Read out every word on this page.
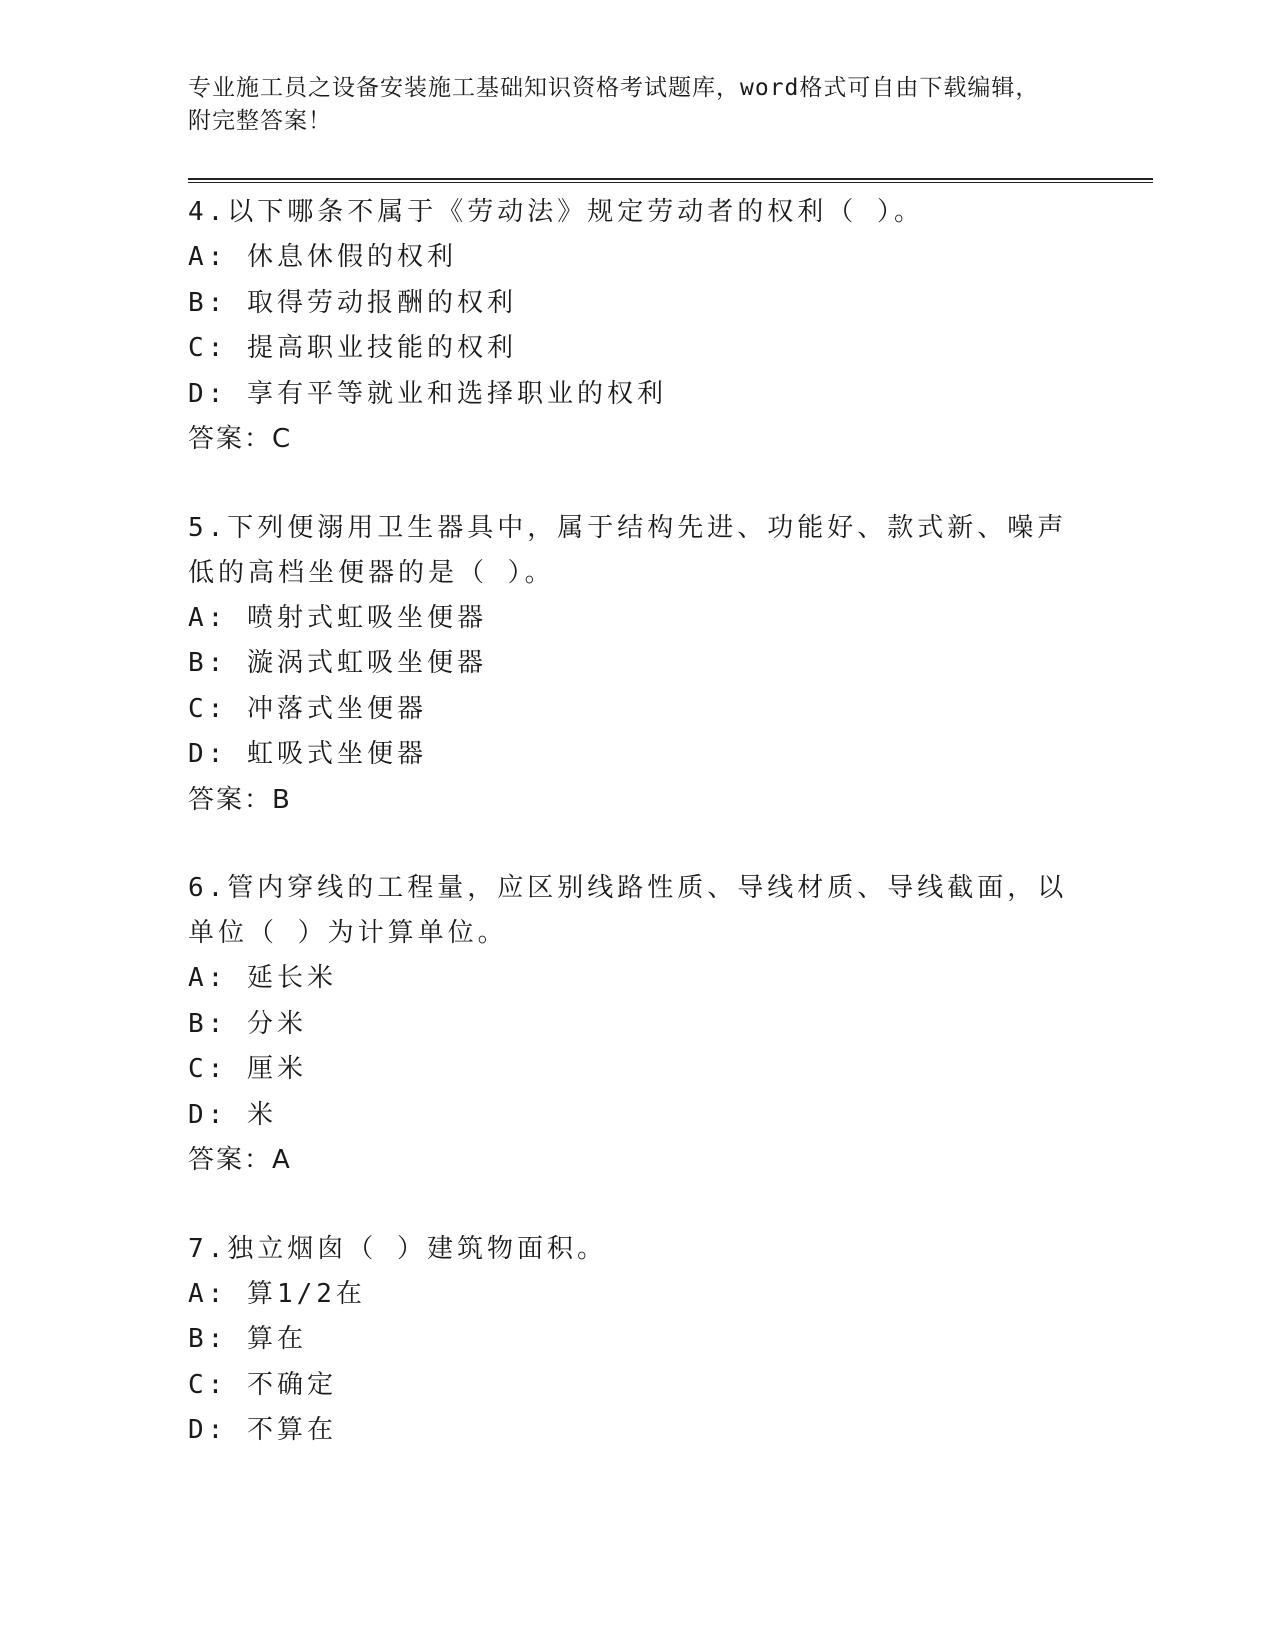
专业施工员之设备安装施工基础知识资格考试题库，word格式可自由下载编辑，
附完整答案！

4.以下哪条不属于《劳动法》规定劳动者的权利（ ）。

A: 休息休假的权利

B: 取得劳动报酬的权利

C: 提高职业技能的权利

D: 享有平等就业和选择职业的权利

答案：C

5.下列便溺用卫生器具中，属于结构先进、功能好、款式新、噪声低的高档坐便器的是（ ）。

A: 喷射式虹吸坐便器

B: 漩涡式虹吸坐便器

C: 冲落式坐便器

D: 虹吸式坐便器

答案：B

6.管内穿线的工程量，应区别线路性质、导线材质、导线截面，以单位（ ）为计算单位。

A: 延长米

B: 分米

C: 厘米

D: 米

答案：A

7.独立烟囱（ ）建筑物面积。

A: 算1/2在

B: 算在

C: 不确定

D: 不算在
